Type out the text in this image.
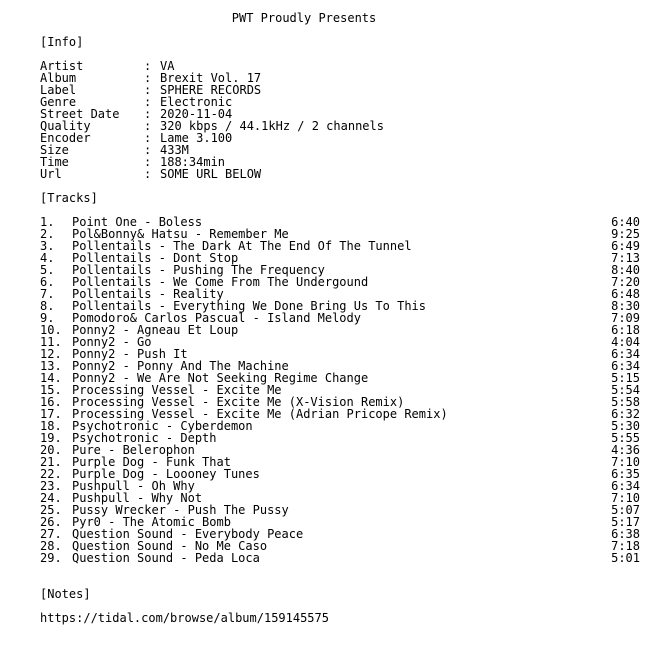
PWT Proudly Presents
[Info]
Artist	: VA
Album	: Brexit Vol. 17
Label	: SPHERE RECORDS
Genre	: Electronic
Street Date	: 2020-11-04
Quality	: 320 kbps / 44.1kHz / 2 channels
Encoder	: Lame 3.100
Size	: 433M
Time	: 188:34min
Url	: SOME URL BELOW
[Tracks]
1. Point One - Boless	6:40
2. Pol&Bonny& Hatsu - Remember Me	9:25
3. Pollentails - The Dark At The End Of The Tunnel	6:49
4. Pollentails - Dont Stop	7:13
5. Pollentails - Pushing The Frequency	8:40
6. Pollentails - We Come From The Undergound	7:20
7. Pollentails - Reality	6:48
8. Pollentails - Everything We Done Bring Us To This	8:30
9. Pomodoro& Carlos Pascual - Island Melody	7:09
10. Ponny2 - Agneau Et Loup	6:18
11. Ponny2 - Go	4:04
12. Ponny2 - Push It	6:34
13. Ponny2 - Ponny And The Machine	6:34
14. Ponny2 - We Are Not Seeking Regime Change	5:15
15. Processing Vessel - Excite Me	5:54
16. Processing Vessel - Excite Me (X-Vision Remix)	5:58
17. Processing Vessel - Excite Me (Adrian Pricope Remix)	6:32
18. Psychotronic - Cyberdemon	5:30
19. Psychotronic - Depth	5:55
20. Pure - Belerophon	4:36
21. Purple Dog - Funk That	7:10
22. Purple Dog - Loooney Tunes	6:35
23. Pushpull - Oh Why	6:34
24. Pushpull - Why Not	7:10
25. Pussy Wrecker - Push The Pussy	5:07
26. Pyr0 - The Atomic Bomb	5:17
27. Question Sound - Everybody Peace	6:38
28. Question Sound - No Me Caso	7:18
29. Question Sound - Peda Loca	5:01
[Notes]
https://tidal.com/browse/album/159145575
